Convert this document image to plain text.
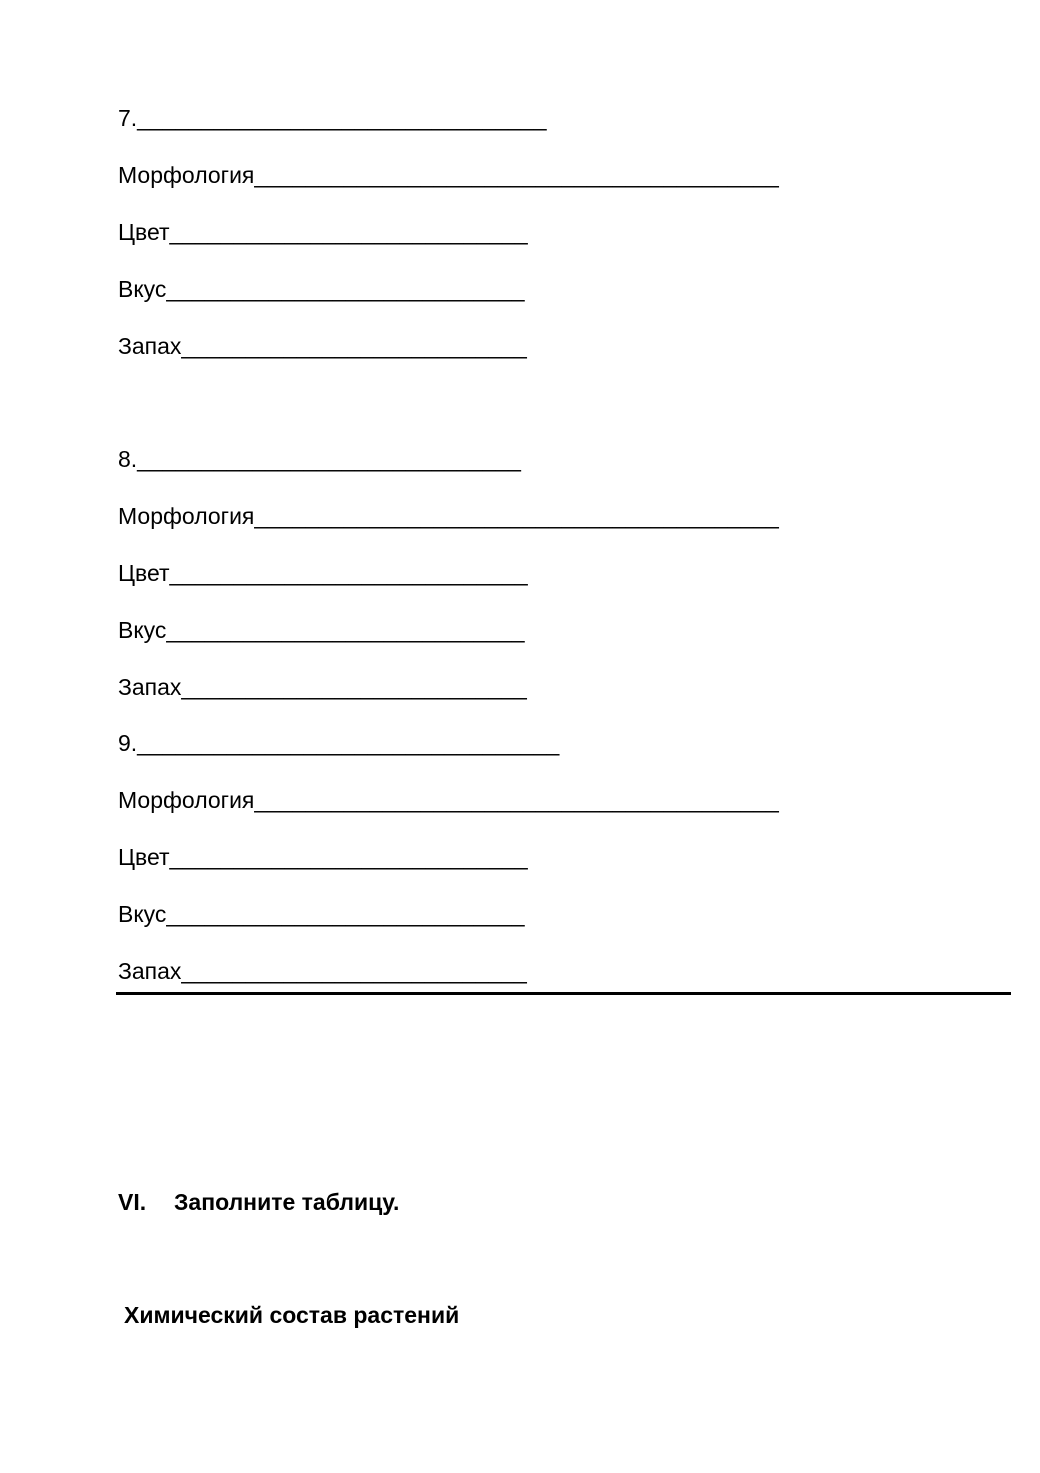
7.________________________________
Морфология_________________________________________
Цвет____________________________
Вкус____________________________
Запах___________________________
8.______________________________
Морфология_________________________________________
Цвет____________________________
Вкус____________________________
Запах___________________________
9._________________________________
Морфология_________________________________________
Цвет____________________________
Вкус____________________________
Запах___________________________
VI. Заполните таблицу.
Химический состав растений
